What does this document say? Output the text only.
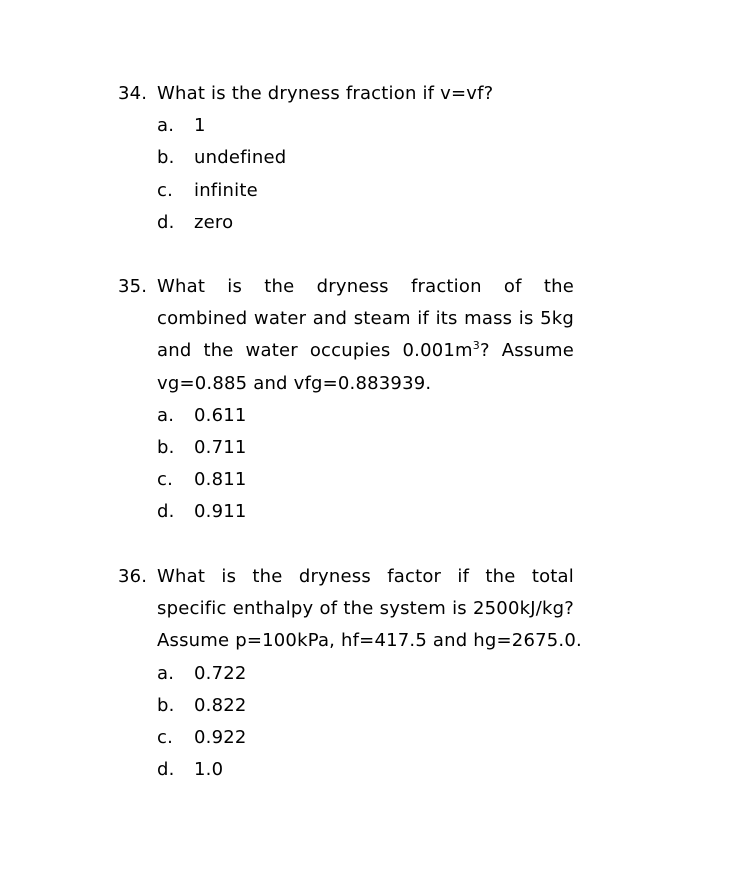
34. What is the dryness fraction if v=vf?
a. 1
b. undefined
c. infinite
d. zero
35. What is the dryness fraction of the
combined water and steam if its mass is 5kg
and the water occupies $0.001m^3$? Assume
vg=0.885 and vfg=0.883939.
a. 0.611
b. 0.711
c. 0.811
d. 0.911
36. What is the dryness factor if the total
specific enthalpy of the system is 2500kJ/kg?
Assume p=100kPa, hf=417.5 and hg=2675.0.
a. 0.722
b. 0.822
c. 0.922
d. 1.0
